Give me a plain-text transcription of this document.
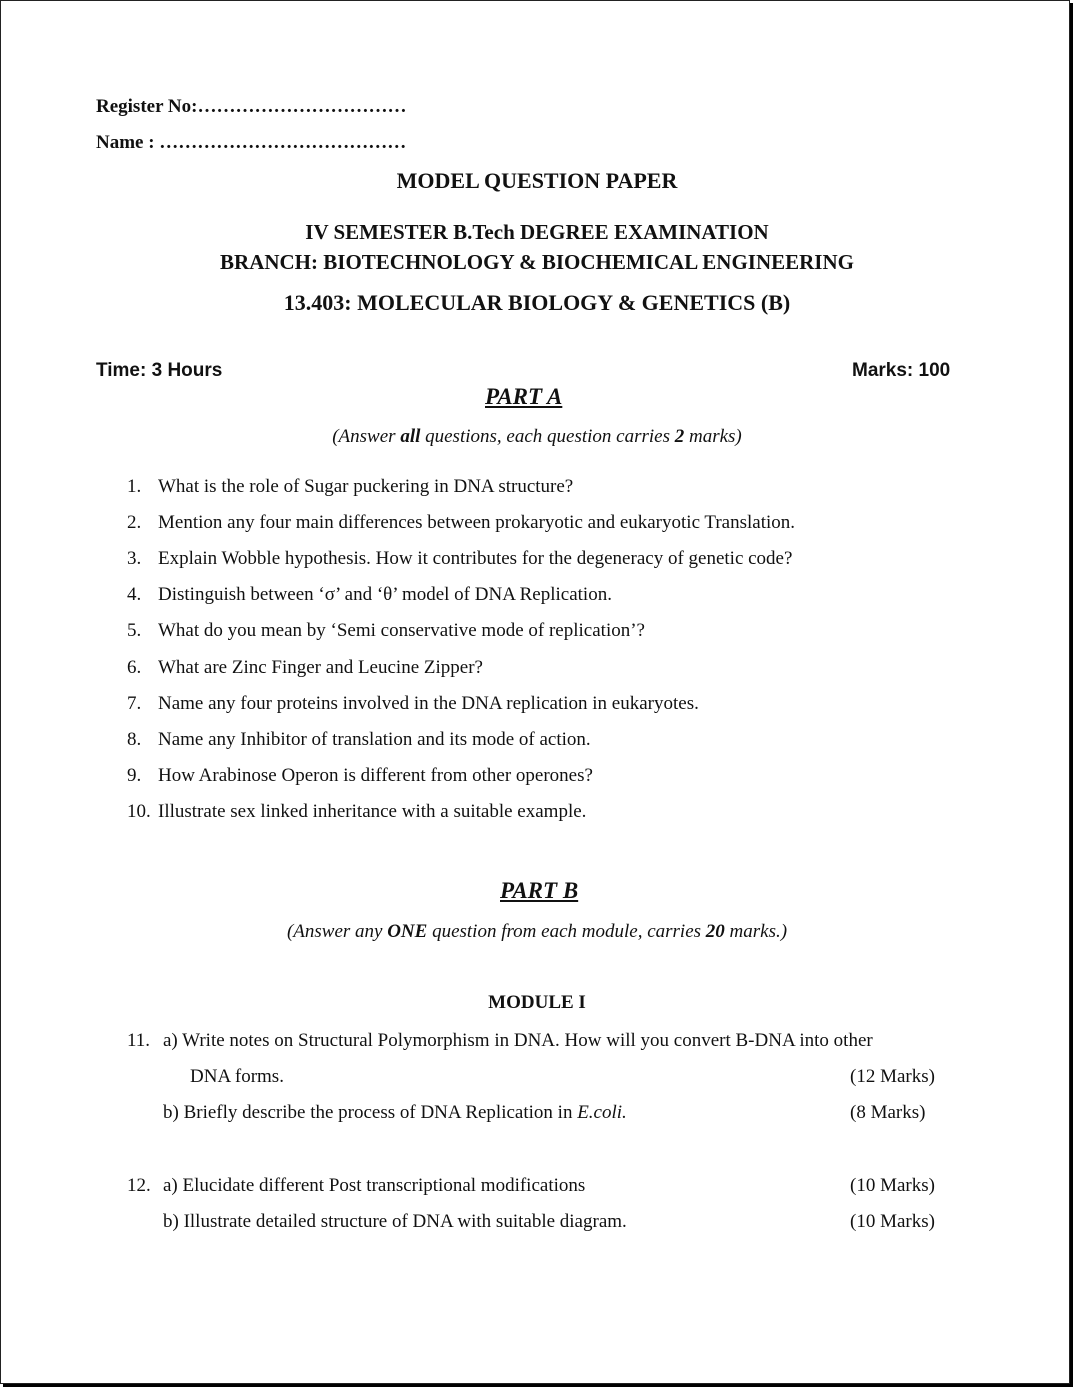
Register No:……………………………
Name : …………………………………
MODEL QUESTION PAPER
IV SEMESTER B.Tech DEGREE EXAMINATION
BRANCH: BIOTECHNOLOGY & BIOCHEMICAL ENGINEERING
13.403: MOLECULAR BIOLOGY & GENETICS (B)
Time: 3 Hours	Marks: 100
PART A
(Answer all questions, each question carries 2 marks)
1. What is the role of Sugar puckering in DNA structure?
2. Mention any four main differences between prokaryotic and eukaryotic Translation.
3. Explain Wobble hypothesis. How it contributes for the degeneracy of genetic code?
4. Distinguish between ‘σ’ and ‘θ’ model of DNA Replication.
5. What do you mean by ‘Semi conservative mode of replication’?
6. What are Zinc Finger and Leucine Zipper?
7. Name any four proteins involved in the DNA replication in eukaryotes.
8. Name any Inhibitor of translation and its mode of action.
9. How Arabinose Operon is different from other operones?
10. Illustrate sex linked inheritance with a suitable example.
PART B
(Answer any ONE question from each module, carries 20 marks.)
MODULE I
11. a) Write notes on Structural Polymorphism in DNA. How will you convert B-DNA into other
DNA forms.	(12 Marks)
b) Briefly describe the process of DNA Replication in E.coli.	(8 Marks)
12. a) Elucidate different Post transcriptional modifications	(10 Marks)
b) Illustrate detailed structure of DNA with suitable diagram.	(10 Marks)
